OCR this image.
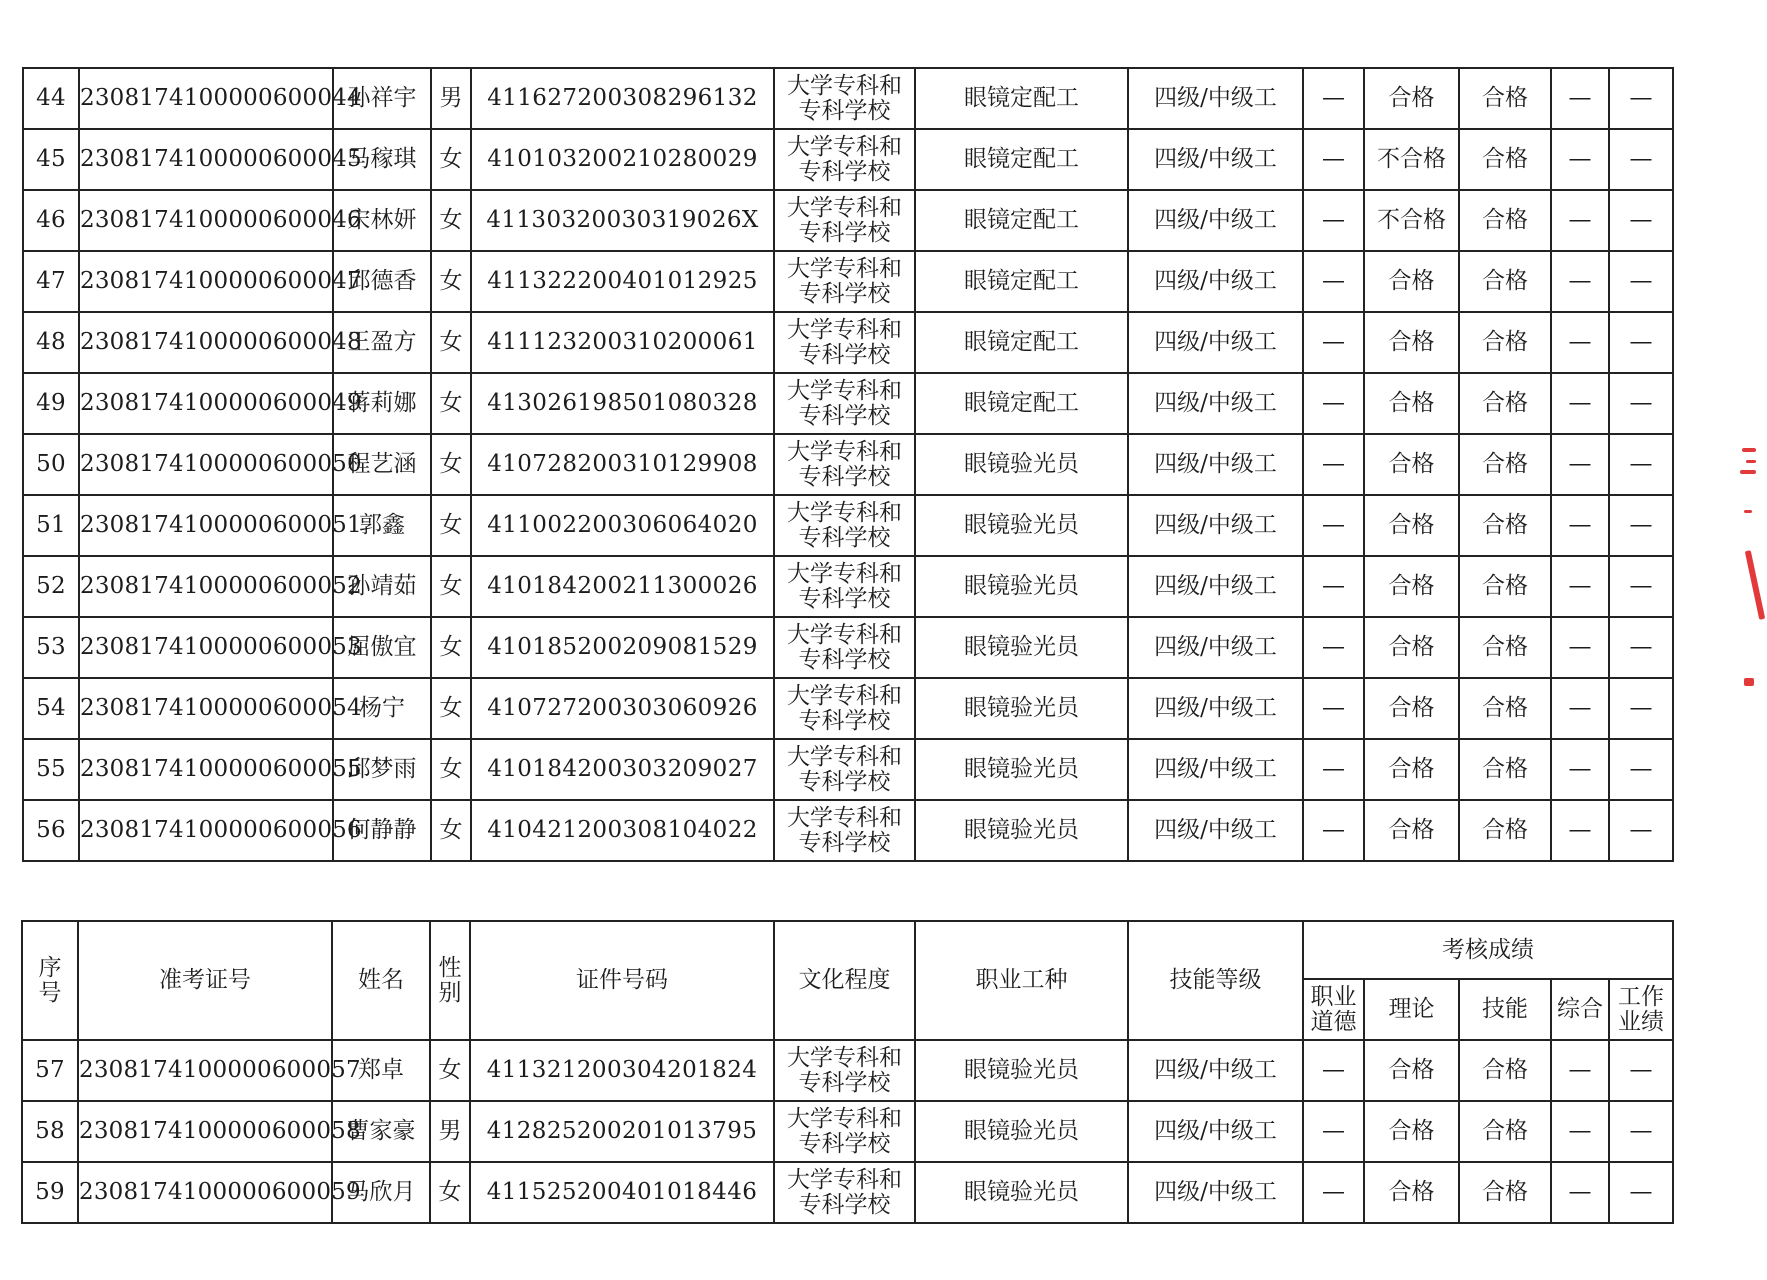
44	2308174100000600044	孙祥宇	男	411627200308296132	大学专科和
专科学校	眼镜定配工	四级/中级工	—	合格	合格	—	—
45	2308174100000600045	马稼琪	女	410103200210280029	大学专科和
专科学校	眼镜定配工	四级/中级工	—	不合格	合格	—	—
46	2308174100000600046	宋林妍	女	41130320030319026X	大学专科和
专科学校	眼镜定配工	四级/中级工	—	不合格	合格	—	—
47	2308174100000600047	邱德香	女	411322200401012925	大学专科和
专科学校	眼镜定配工	四级/中级工	—	合格	合格	—	—
48	2308174100000600048	王盈方	女	411123200310200061	大学专科和
专科学校	眼镜定配工	四级/中级工	—	合格	合格	—	—
49	2308174100000600049	蒋莉娜	女	413026198501080328	大学专科和
专科学校	眼镜定配工	四级/中级工	—	合格	合格	—	—
50	2308174100000600050	程艺涵	女	410728200310129908	大学专科和
专科学校	眼镜验光员	四级/中级工	—	合格	合格	—	—
51	2308174100000600051	郭鑫	女	411002200306064020	大学专科和
专科学校	眼镜验光员	四级/中级工	—	合格	合格	—	—
52	2308174100000600052	孙靖茹	女	410184200211300026	大学专科和
专科学校	眼镜验光员	四级/中级工	—	合格	合格	—	—
53	2308174100000600053	屈傲宜	女	410185200209081529	大学专科和
专科学校	眼镜验光员	四级/中级工	—	合格	合格	—	—
54	2308174100000600054	杨宁	女	410727200303060926	大学专科和
专科学校	眼镜验光员	四级/中级工	—	合格	合格	—	—
55	2308174100000600055	邱梦雨	女	410184200303209027	大学专科和
专科学校	眼镜验光员	四级/中级工	—	合格	合格	—	—
56	2308174100000600056	何静静	女	410421200308104022	大学专科和
专科学校	眼镜验光员	四级/中级工	—	合格	合格	—	—
序号	准考证号	姓名	性别	证件号码	文化程度	职业工种	技能等级	考核成绩				
								职业道德	理论	技能	综合	工作业绩
57	2308174100000600057	郑卓	女	411321200304201824	大学专科和
专科学校	眼镜验光员	四级/中级工	—	合格	合格	—	—
58	2308174100000600058	曹家豪	男	412825200201013795	大学专科和
专科学校	眼镜验光员	四级/中级工	—	合格	合格	—	—
59	2308174100000600059	马欣月	女	411525200401018446	大学专科和
专科学校	眼镜验光员	四级/中级工	—	合格	合格	—	—
